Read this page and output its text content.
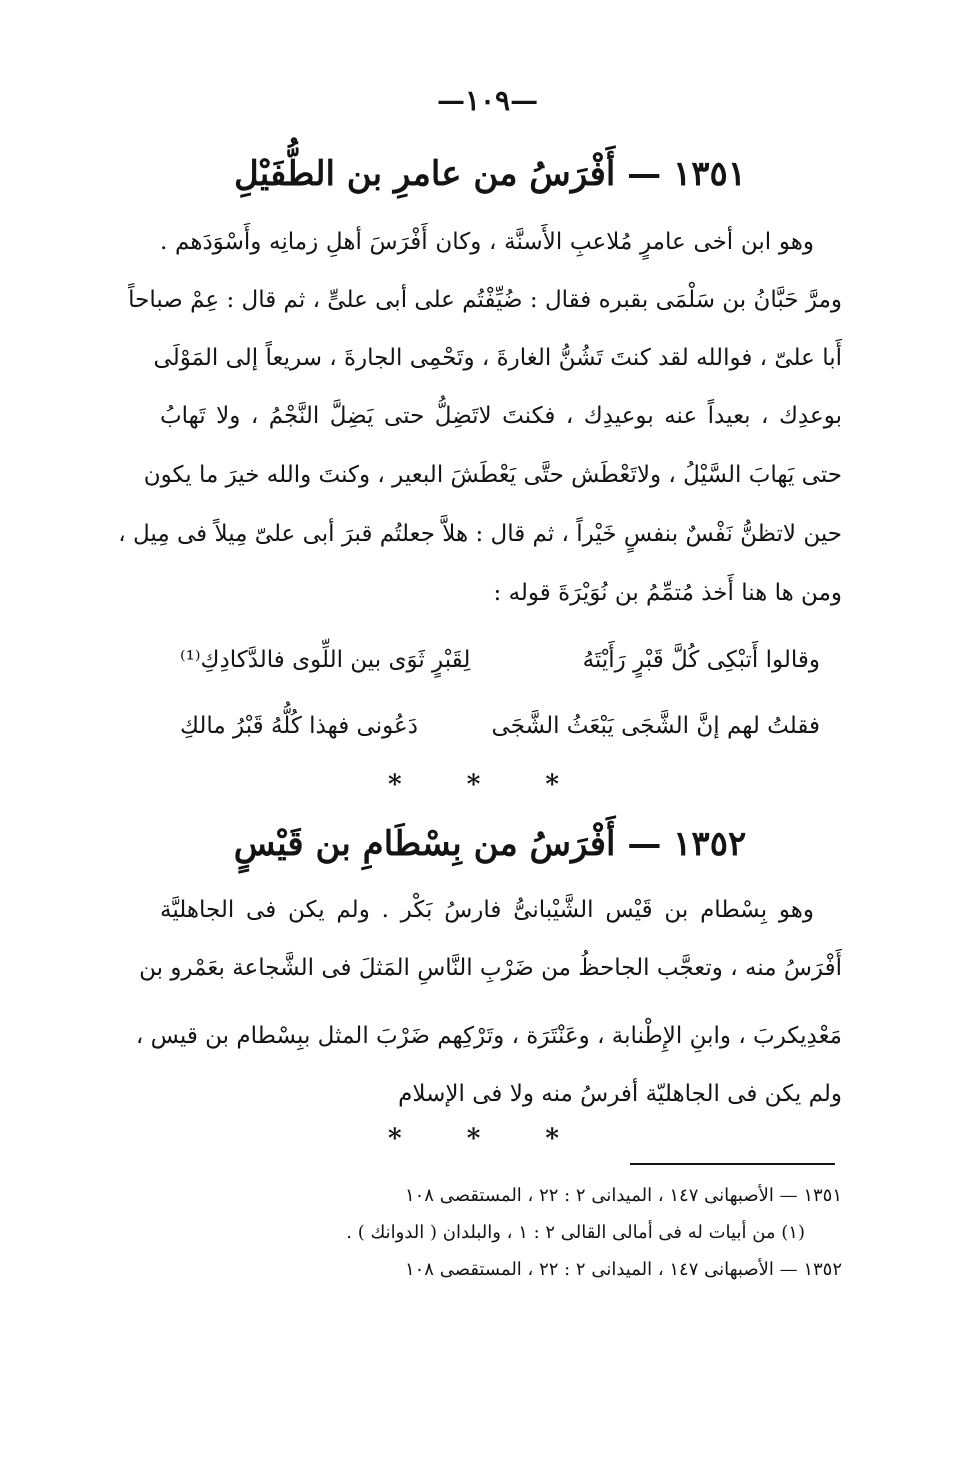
—١٠٩—
١٣٥١ — أَفْرَسُ من عامرِ بن الطُّفَيْلِ
وهو ابن أخى عامرٍ مُلاعبِ الأَسنَّة ، وكان أَفْرَسَ أهلِ زمانِه وأَسْوَدَهم .
ومرَّ حَبَّانُ بن سَلْمَى بقبره فقال : ضُيِّفْتُم على أبى علىٍّ ، ثم قال : عِمْ صباحاً
أَبا علىّ ، فوالله لقد كنتَ تَشُنُّ الغارةَ ، وتَحْمِى الجارةَ ، سريعاً إلى المَوْلَى
بوعدِك ، بعيداً عنه بوعيدِك ، فكنتَ لاتَضِلُّ حتى يَضِلَّ النَّجْمُ ، ولا تَهابُ
حتى يَهابَ السَّيْلُ ، ولاتَعْطَش حتَّى يَعْطَشَ البعير ، وكنتَ والله خيرَ ما يكون
حين لاتظنُّ نَفْسٌ بنفسٍ خَيْراً ، ثم قال : هلاَّ جعلتُم قبرَ أبى علىّ مِيلاً فى مِيل ،
ومن ها هنا أَخذ مُتمِّمُ بن نُوَيْرَةَ قوله :
وقالوا أَتبْكِى كُلَّ قَبْرٍ رَأَيْتَهُ
لِقَبْرٍ ثَوَى بين اللِّوى فالدَّكادِكِ⁽¹⁾
فقلتُ لهم إنَّ الشَّجَى يَبْعَثُ الشَّجَى
دَعُونى فهذا كُلُّهُ قَبْرُ مالكِ
* * *
١٣٥٢ — أَفْرَسُ من بِسْطَامِ بن قَيْسٍ
وهو بِسْطام بن قَيْس الشَّيْبانىُّ فارسُ بَكْر . ولم يكن فى الجاهليَّة
أَفْرَسُ منه ، وتعجَّب الجاحظُ من ضَرْبِ النَّاسِ المَثلَ فى الشَّجاعة بعَمْرو بن
مَعْدِيكربَ ، وابنِ الإِطْنابة ، وعَنْتَرَة ، وتَرْكِهم ضَرْبَ المثل ببِسْطام بن قيس ،
ولم يكن فى الجاهليّة أفرسُ منه ولا فى الإسلام
* * *
١٣٥١ — الأصبهانى ١٤٧ ، الميدانى ٢ : ٢٢ ، المستقصى ١٠٨
(١) من أبيات له فى أمالى القالى ٢ : ١ ، والبلدان ( الدوانك ) .
١٣٥٢ — الأصبهانى ١٤٧ ، الميدانى ٢ : ٢٢ ، المستقصى ١٠٨
